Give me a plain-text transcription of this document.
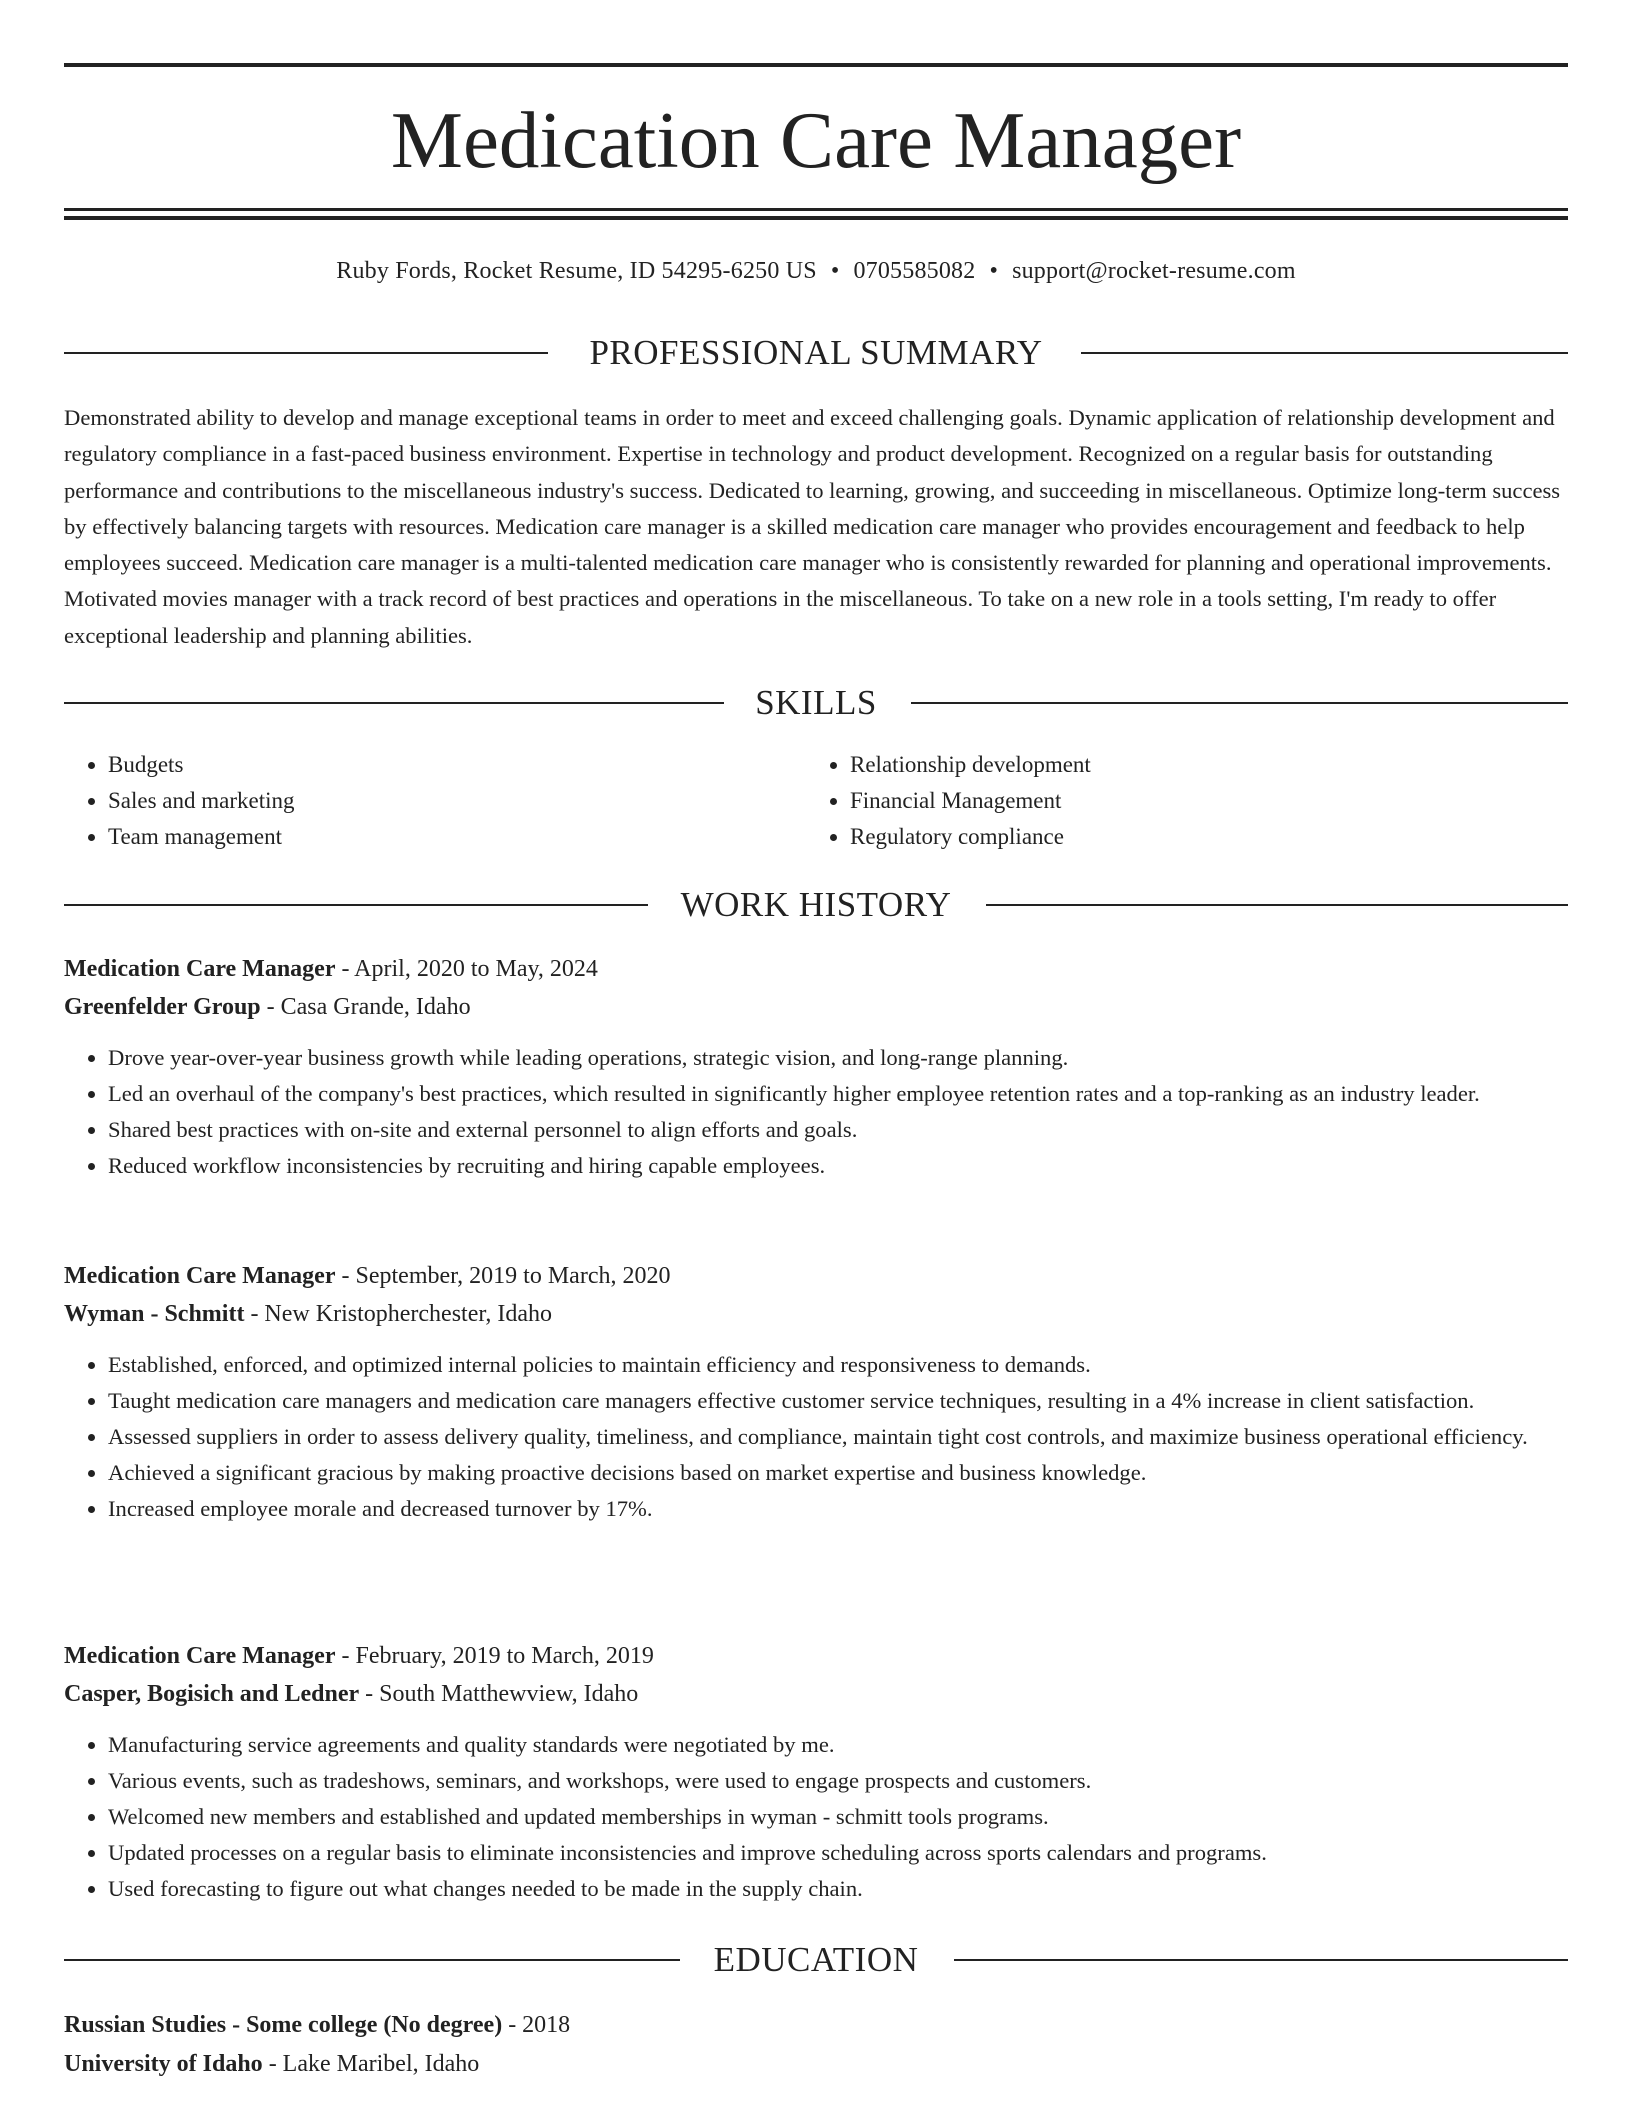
Medication Care Manager
Ruby Fords, Rocket Resume, ID 54295-6250 US • 0705585082 • support@rocket-resume.com
PROFESSIONAL SUMMARY

Demonstrated ability to develop and manage exceptional teams in order to meet and exceed challenging goals. Dynamic application of relationship development and regulatory compliance in a fast-paced business environment. Expertise in technology and product development. Recognized on a regular basis for outstanding performance and contributions to the miscellaneous industry's success. Dedicated to learning, growing, and succeeding in miscellaneous. Optimize long-term success by effectively balancing targets with resources. Medication care manager is a skilled medication care manager who provides encouragement and feedback to help employees succeed. Medication care manager is a multi-talented medication care manager who is consistently rewarded for planning and operational improvements. Motivated movies manager with a track record of best practices and operations in the miscellaneous. To take on a new role in a tools setting, I'm ready to offer exceptional leadership and planning abilities.

SKILLS
• Budgets
• Sales and marketing
• Team management
• Relationship development
• Financial Management
• Regulatory compliance
WORK HISTORY
Medication Care Manager - April, 2020 to May, 2024
Greenfelder Group - Casa Grande, Idaho
• Drove year-over-year business growth while leading operations, strategic vision, and long-range planning.
• Led an overhaul of the company's best practices, which resulted in significantly higher employee retention rates and a top-ranking as an industry leader.
• Shared best practices with on-site and external personnel to align efforts and goals.
• Reduced workflow inconsistencies by recruiting and hiring capable employees.
Medication Care Manager - September, 2019 to March, 2020
Wyman - Schmitt - New Kristopherchester, Idaho
• Established, enforced, and optimized internal policies to maintain efficiency and responsiveness to demands.
• Taught medication care managers and medication care managers effective customer service techniques, resulting in a 4% increase in client satisfaction.
• Assessed suppliers in order to assess delivery quality, timeliness, and compliance, maintain tight cost controls, and maximize business operational efficiency.
• Achieved a significant gracious by making proactive decisions based on market expertise and business knowledge.
• Increased employee morale and decreased turnover by 17%.
Medication Care Manager - February, 2019 to March, 2019
Casper, Bogisich and Ledner - South Matthewview, Idaho
• Manufacturing service agreements and quality standards were negotiated by me.
• Various events, such as tradeshows, seminars, and workshops, were used to engage prospects and customers.
• Welcomed new members and established and updated memberships in wyman - schmitt tools programs.
• Updated processes on a regular basis to eliminate inconsistencies and improve scheduling across sports calendars and programs.
• Used forecasting to figure out what changes needed to be made in the supply chain.
EDUCATION
Russian Studies - Some college (No degree) - 2018
University of Idaho - Lake Maribel, Idaho
